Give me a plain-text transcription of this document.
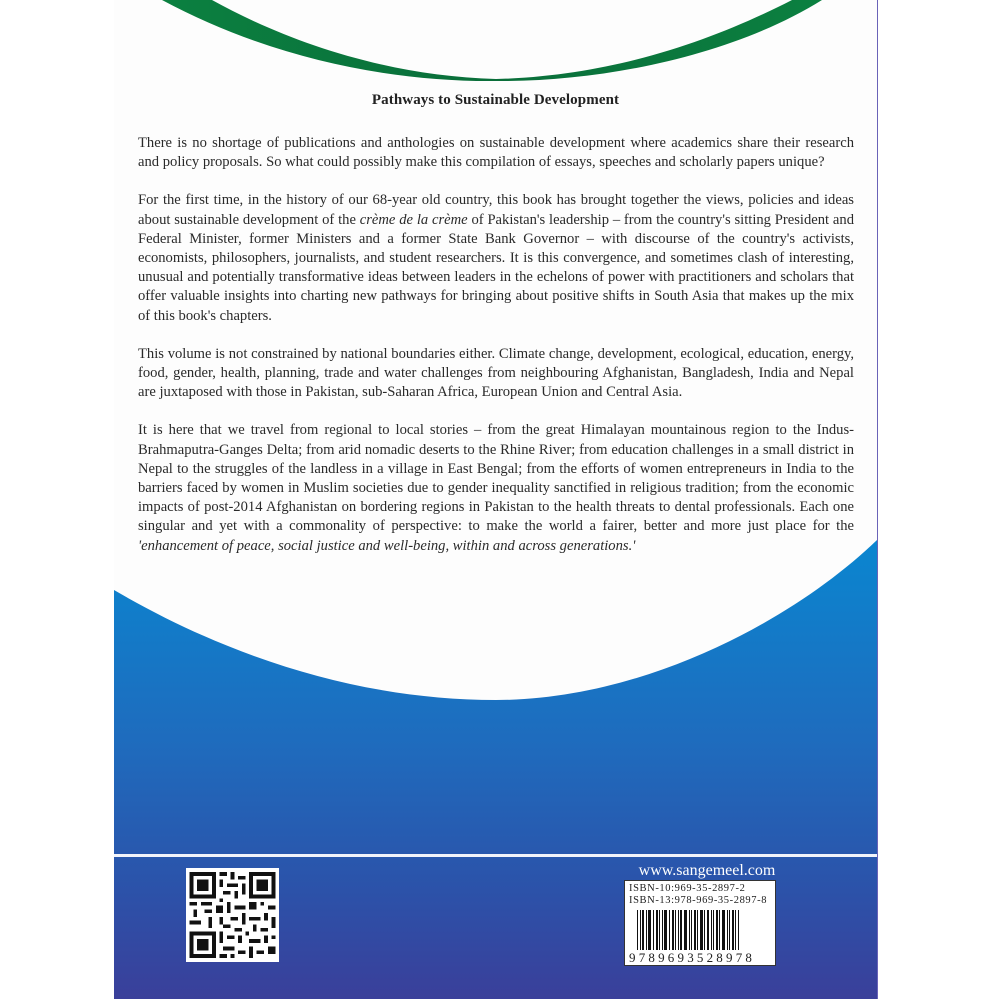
Pathways to Sustainable Development

There is no shortage of publications and anthologies on sustainable development where academics share their research and policy proposals. So what could possibly make this compilation of essays, speeches and scholarly papers unique?

For the first time, in the history of our 68-year old country, this book has brought together the views, policies and ideas about sustainable development of the crème de la crème of Pakistan's leadership – from the country's sitting President and Federal Minister, former Ministers and a former State Bank Governor – with discourse of the country's activists, economists, philosophers, journalists, and student researchers. It is this convergence, and sometimes clash of interesting, unusual and potentially transformative ideas between leaders in the echelons of power with practitioners and scholars that offer valuable insights into charting new pathways for bringing about positive shifts in South Asia that makes up the mix of this book's chapters.

This volume is not constrained by national boundaries either. Climate change, development, ecological, education, energy, food, gender, health, planning, trade and water challenges from neighbouring Afghanistan, Bangladesh, India and Nepal are juxtaposed with those in Pakistan, sub-Saharan Africa, European Union and Central Asia.

It is here that we travel from regional to local stories – from the great Himalayan mountainous region to the Indus-Brahmaputra-Ganges Delta; from arid nomadic deserts to the Rhine River; from education challenges in a small district in Nepal to the struggles of the landless in a village in East Bengal; from the efforts of women entrepreneurs in India to the barriers faced by women in Muslim societies due to gender inequality sanctified in religious tradition; from the economic impacts of post-2014 Afghanistan on bordering regions in Pakistan to the health threats to dental professionals. Each one singular and yet with a commonality of perspective: to make the world a fairer, better and more just place for the 'enhancement of peace, social justice and well-being, within and across generations.'

www.sangemeel.com
ISBN-10:969-35-2897-2
ISBN-13:978-969-35-2897-8
9789693528978
